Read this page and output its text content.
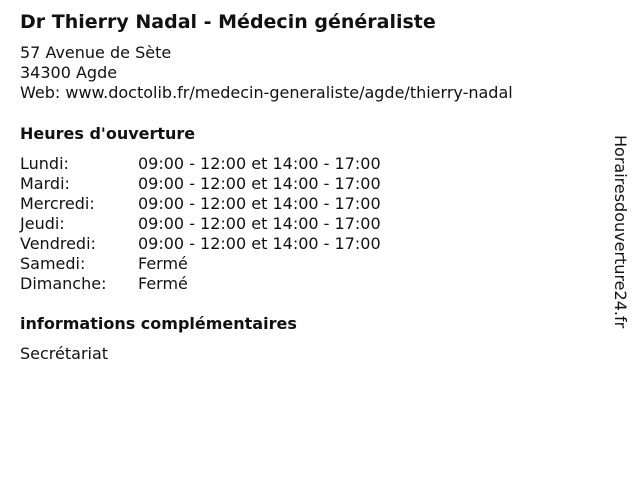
Dr Thierry Nadal - Médecin généraliste
57 Avenue de Sète
34300 Agde
Web: www.doctolib.fr/medecin-generaliste/agde/thierry-nadal
Heures d'ouverture
Lundi:	09:00 - 12:00 et 14:00 - 17:00
Mardi:	09:00 - 12:00 et 14:00 - 17:00
Mercredi:	09:00 - 12:00 et 14:00 - 17:00
Jeudi:	09:00 - 12:00 et 14:00 - 17:00
Vendredi:	09:00 - 12:00 et 14:00 - 17:00
Samedi:	Fermé
Dimanche: Fermé
informations complémentaires
Secrétariat
Horairesdouverture24.fr
